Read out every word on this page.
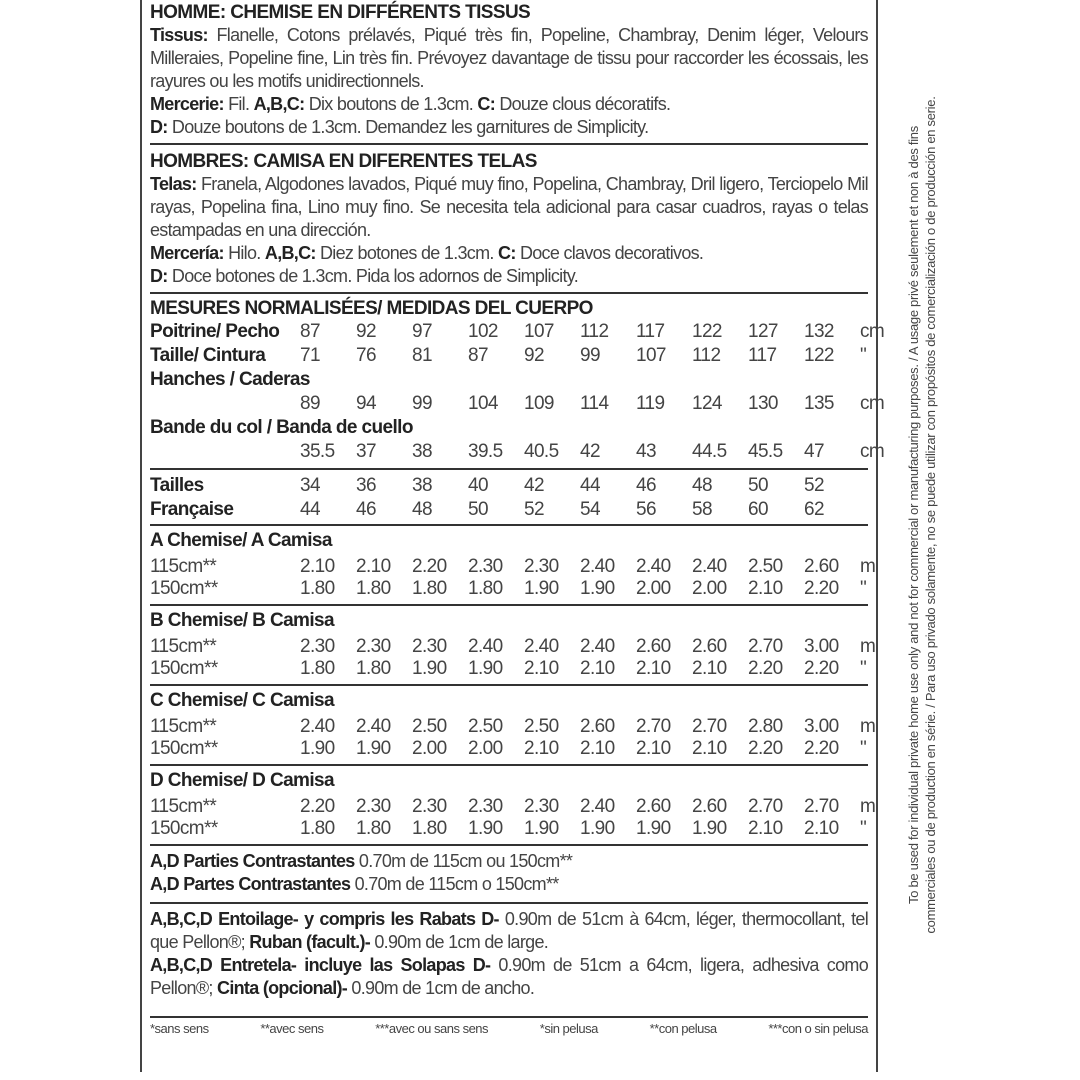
HOMME: CHEMISE EN DIFFÉRENTS TISSUS
Tissus: Flanelle, Cotons prélavés, Piqué très fin, Popeline, Chambray, Denim léger, Velours Milleraies, Popeline fine, Lin très fin. Prévoyez davantage de tissu pour raccorder les écossais, les rayures ou les motifs unidirectionnels.
Mercerie: Fil. A,B,C: Dix boutons de 1.3cm. C: Douze clous décoratifs.
D: Douze boutons de 1.3cm. Demandez les garnitures de Simplicity.
HOMBRES: CAMISA EN DIFERENTES TELAS
Telas: Franela, Algodones lavados, Piqué muy fino, Popelina, Chambray, Dril ligero, Terciopelo Mil rayas, Popelina fina, Lino muy fino. Se necesita tela adicional para casar cuadros, rayas o telas estampadas en una dirección.
Mercería: Hilo. A,B,C: Diez botones de 1.3cm. C: Doce clavos decorativos.
D: Doce botones de 1.3cm. Pida los adornos de Simplicity.
MESURES NORMALISÉES/ MEDIDAS DEL CUERPO
Poitrine/ Pecho	87	92	97	102	107	112	117	122	127	132	cm
Taille/ Cintura	71	76	81	87	92	99	107	112	117	122	"
Hanches / Caderas											
	89	94	99	104	109	114	119	124	130	135	cm
Bande du col / Banda de cuello											
	35.5	37	38	39.5	40.5	42	43	44.5	45.5	47	cm
Tailles	34	36	38	40	42	44	46	48	50	52	
Française	44	46	48	50	52	54	56	58	60	62	
A Chemise/ A Camisa
115cm**	2.10	2.10	2.20	2.30	2.30	2.40	2.40	2.40	2.50	2.60	m
150cm**	1.80	1.80	1.80	1.80	1.90	1.90	2.00	2.00	2.10	2.20	"
B Chemise/ B Camisa
115cm**	2.30	2.30	2.30	2.40	2.40	2.40	2.60	2.60	2.70	3.00	m
150cm**	1.80	1.80	1.90	1.90	2.10	2.10	2.10	2.10	2.20	2.20	"
C Chemise/ C Camisa
115cm**	2.40	2.40	2.50	2.50	2.50	2.60	2.70	2.70	2.80	3.00	m
150cm**	1.90	1.90	2.00	2.00	2.10	2.10	2.10	2.10	2.20	2.20	"
D Chemise/ D Camisa
115cm**	2.20	2.30	2.30	2.30	2.30	2.40	2.60	2.60	2.70	2.70	m
150cm**	1.80	1.80	1.80	1.90	1.90	1.90	1.90	1.90	2.10	2.10	"
A,D Parties Contrastantes 0.70m de 115cm ou 150cm**
A,D Partes Contrastantes 0.70m de 115cm o 150cm**
A,B,C,D Entoilage- y compris les Rabats D- 0.90m de 51cm à 64cm, léger, thermocollant, tel que Pellon®; Ruban (facult.)- 0.90m de 1cm de large.
A,B,C,D Entretela- incluye las Solapas D- 0.90m de 51cm a 64cm, ligera, adhesiva como Pellon®; Cinta (opcional)- 0.90m de 1cm de ancho.
*sans sens	**avec sens	***avec ou sans sens	*sin pelusa	**con pelusa	***con o sin pelusa
To be used for individual private home use only and not for commercial or manufacturing purposes. / A usage privé seulement et non à des fins commerciales ou de production en série. / Para uso privado solamente, no se puede utilizar con propósitos de comercialización o de producción en serie.
